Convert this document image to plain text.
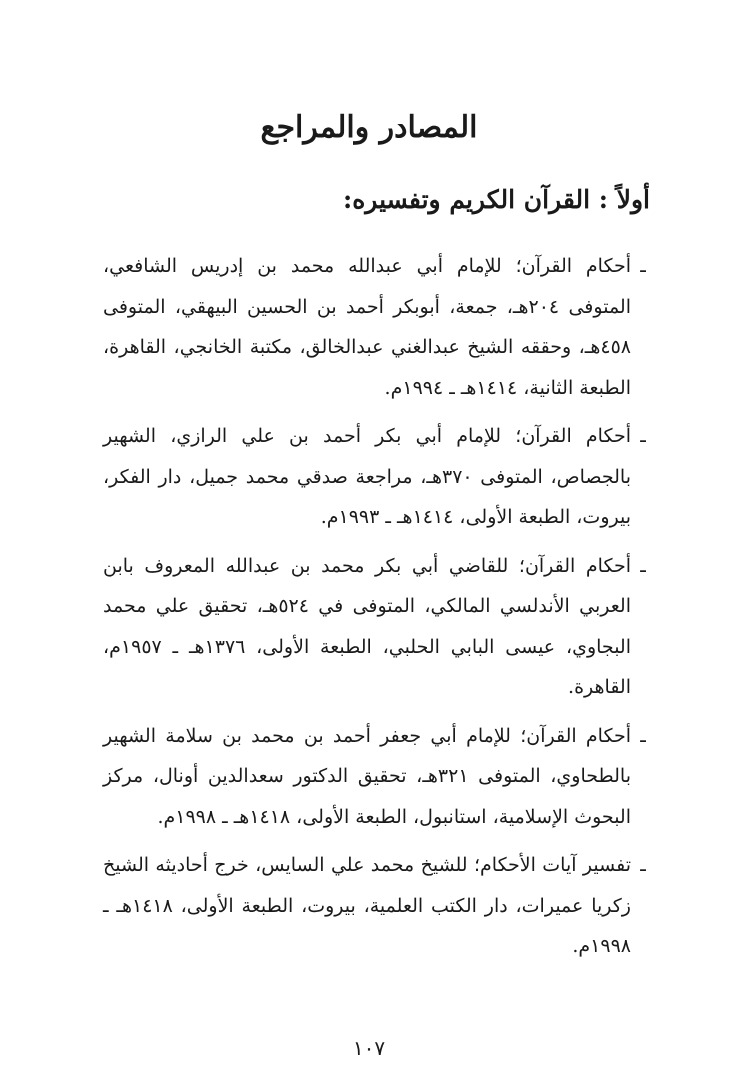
المصادر والمراجع
أولاً : القرآن الكريم وتفسيره:
ـأحكام القرآن؛ للإمام أبي عبدالله محمد بن إدريس الشافعي، المتوفى ٢٠٤هـ، جمعة، أبوبكر أحمد بن الحسين البيهقي، المتوفى ٤٥٨هـ، وحققه الشيخ عبدالغني عبدالخالق، مكتبة الخانجي، القاهرة، الطبعة الثانية، ١٤١٤هـ ـ ١٩٩٤م.
ـأحكام القرآن؛ للإمام أبي بكر أحمد بن علي الرازي، الشهير بالجصاص، المتوفى ٣٧٠هـ، مراجعة صدقي محمد جميل، دار الفكر، بيروت، الطبعة الأولى، ١٤١٤هـ ـ ١٩٩٣م.
ـأحكام القرآن؛ للقاضي أبي بكر محمد بن عبدالله المعروف بابن العربي الأندلسي المالكي، المتوفى في ٥٢٤هـ، تحقيق علي محمد البجاوي، عيسى البابي الحلبي، الطبعة الأولى، ١٣٧٦هـ ـ ١٩٥٧م، القاهرة.
ـأحكام القرآن؛ للإمام أبي جعفر أحمد بن محمد بن سلامة الشهير بالطحاوي، المتوفى ٣٢١هـ، تحقيق الدكتور سعدالدين أونال، مركز البحوث الإسلامية، استانبول، الطبعة الأولى، ١٤١٨هـ ـ ١٩٩٨م.
ـتفسير آيات الأحكام؛ للشيخ محمد علي السايس، خرج أحاديثه الشيخ زكريا عميرات، دار الكتب العلمية، بيروت، الطبعة الأولى، ١٤١٨هـ ـ ١٩٩٨م.
١٠٧
